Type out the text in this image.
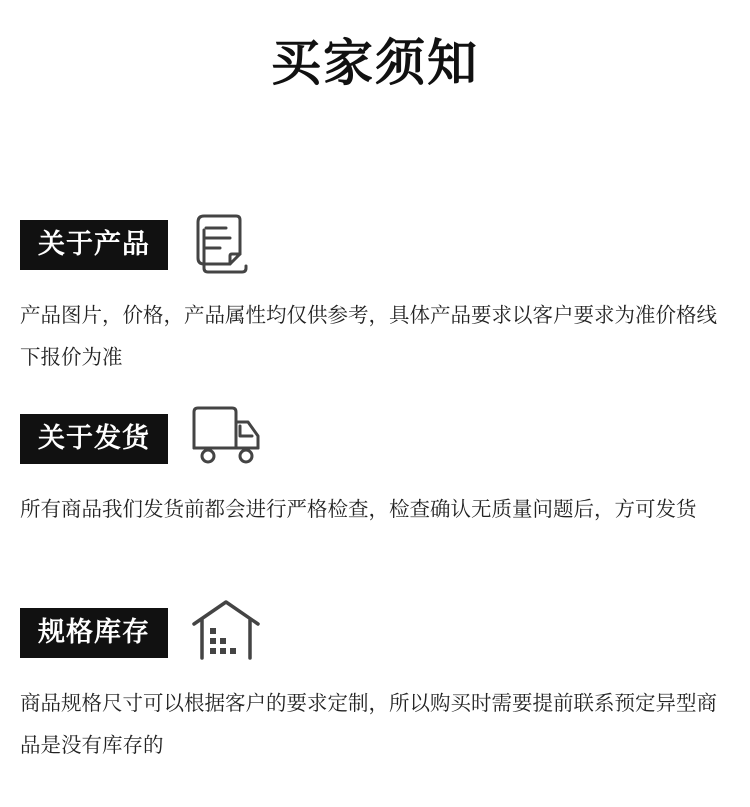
买家须知
关于产品
产品图片，价格，产品属性均仅供参考，具体产品要求以客户要求为准价格线下报价为准
关于发货
所有商品我们发货前都会进行严格检查，检查确认无质量问题后，方可发货
规格库存
商品规格尺寸可以根据客户的要求定制，所以购买时需要提前联系预定异型商品是没有库存的
